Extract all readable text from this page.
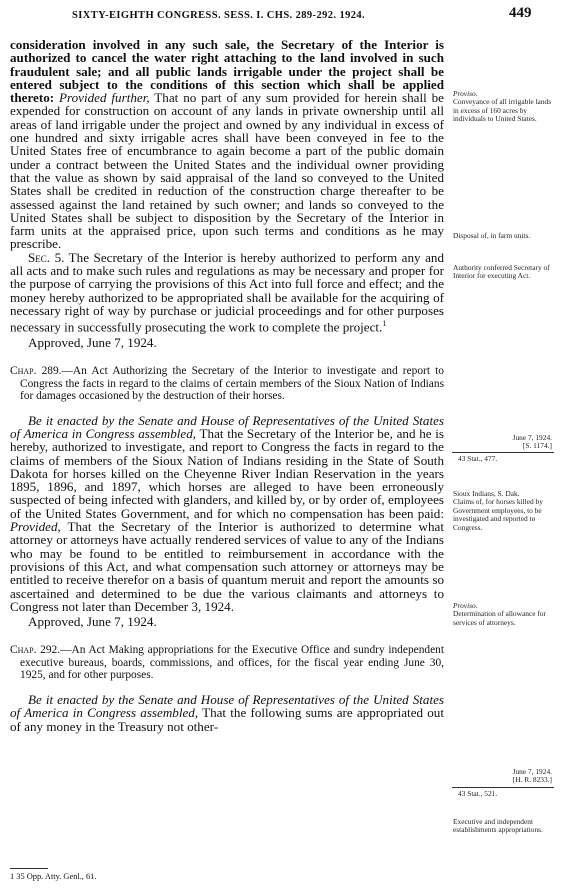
SIXTY-EIGHTH CONGRESS. SESS. I. CHS. 289-292. 1924.	449

consideration involved in any such sale, the Secretary of the Interior is authorized to cancel the water right attaching to the land involved in such fraudulent sale; and all public lands irrigable under the project shall be entered subject to the conditions of this section which shall be applied thereto: Provided further, That no part of any sum provided for herein shall be expended for construction on account of any lands in private ownership until all areas of land irrigable under the project and owned by any individual in excess of one hundred and sixty irrigable acres shall have been conveyed in fee to the United States free of encumbrance to again become a part of the public domain under a contract between the United States and the individual owner providing that the value as shown by said appraisal of the land so conveyed to the United States shall be credited in reduction of the construction charge thereafter to be assessed against the land retained by such owner; and lands so conveyed to the United States shall be subject to disposition by the Secretary of the Interior in farm units at the appraised price, upon such terms and conditions as he may prescribe.

Sec. 5. The Secretary of the Interior is hereby authorized to perform any and all acts and to make such rules and regulations as may be necessary and proper for the purpose of carrying the provisions of this Act into full force and effect; and the money hereby authorized to be appropriated shall be available for the acquiring of necessary right of way by purchase or judicial proceedings and for other purposes necessary in successfully prosecuting the work to complete the project.$^1$

Approved, June 7, 1924.

Chap. 289.—An Act Authorizing the Secretary of the Interior to investigate and report to Congress the facts in regard to the claims of certain members of the Sioux Nation of Indians for damages occasioned by the destruction of their horses.

Be it enacted by the Senate and House of Representatives of the United States of America in Congress assembled, That the Secretary of the Interior be, and he is hereby, authorized to investigate, and report to Congress the facts in regard to the claims of members of the Sioux Nation of Indians residing in the State of South Dakota for horses killed on the Cheyenne River Indian Reservation in the years 1895, 1896, and 1897, which horses are alleged to have been erroneously suspected of being infected with glanders, and killed by, or by order of, employees of the United States Government, and for which no compensation has been paid: Provided, That the Secretary of the Interior is authorized to determine what attorney or attorneys have actually rendered services of value to any of the Indians who may be found to be entitled to reimbursement in accordance with the provisions of this Act, and what compensation such attorney or attorneys may be entitled to receive therefor on a basis of quantum meruit and report the amounts so ascertained and determined to be due the various claimants and attorneys to Congress not later than December 3, 1924.

Approved, June 7, 1924.

Chap. 292.—An Act Making appropriations for the Executive Office and sundry independent executive bureaus, boards, commissions, and offices, for the fiscal year ending June 30, 1925, and for other purposes.

Be it enacted by the Senate and House of Representatives of the United States of America in Congress assembled, That the following sums are appropriated out of any money in the Treasury not other-

Proviso.
Conveyance of all irrigable lands in excess of 160 acres by individuals to United States.
Disposal of, in farm units.
Authority conferred Secretary of Interior for executing Act.
June 7, 1924.
[S. 1174.]
43 Stat., 477.
Sioux Indians, S. Dak.
Claims of, for horses killed by Government employees, to be investigated and reported to Congress.
Proviso.
Determination of allowance for services of attorneys.
June 7, 1924.
[H. R. 8233.]
43 Stat., 521.
Executive and independent establishments appropriations.
1 35 Opp. Atty. Genl., 61.
